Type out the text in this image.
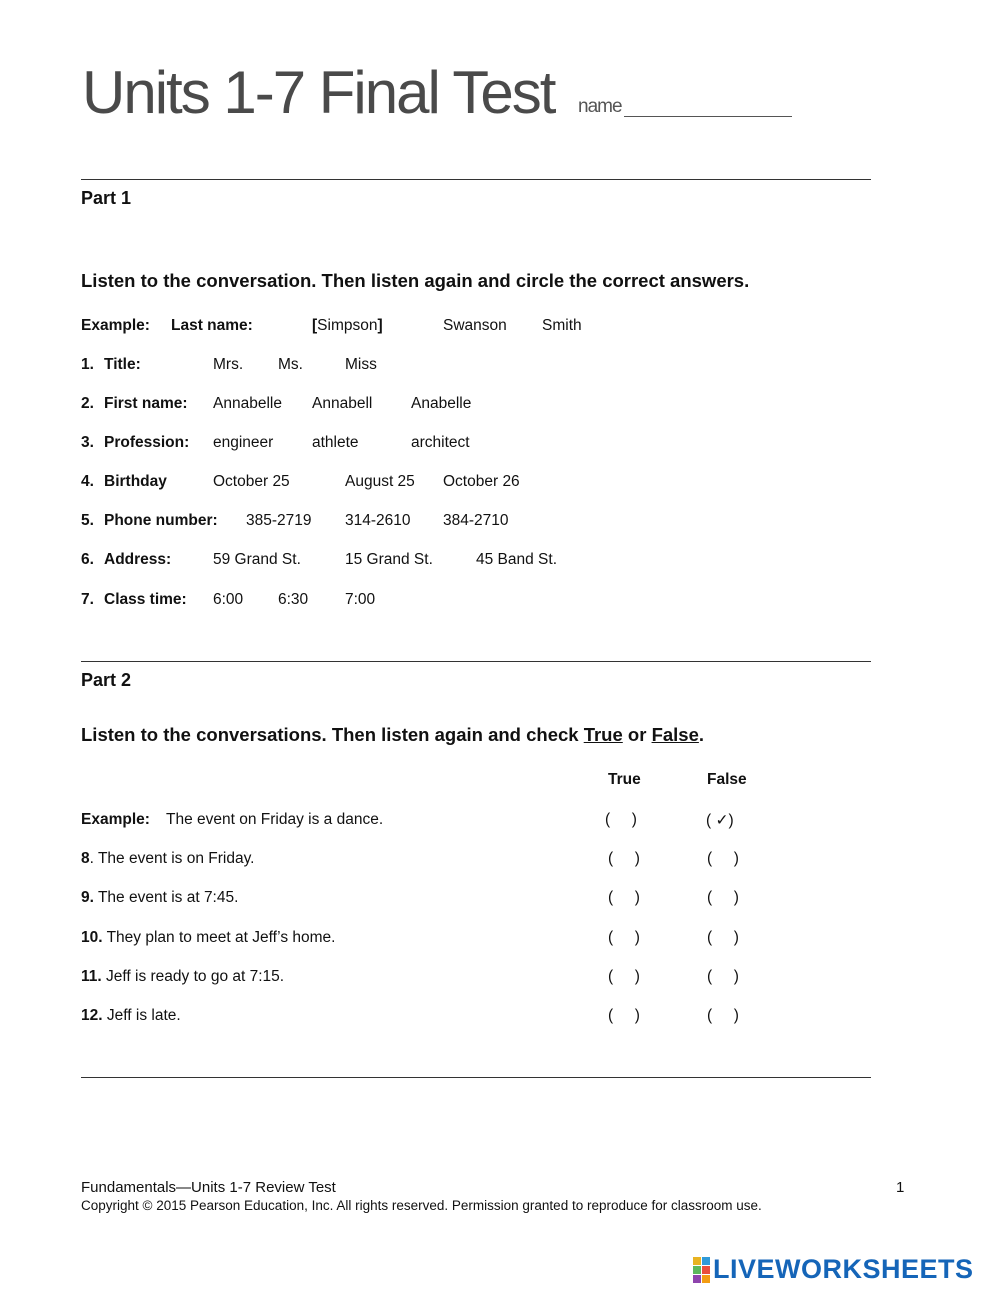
Units 1-7 Final Test name
Part 1
Listen to the conversation. Then listen again and circle the correct answers.
Example: Last name:	[Simpson]	Swanson Smith
1. Title:	Mrs. Ms.	Miss
2. First name: Annabelle Annabell Anabelle
3. Profession: engineer athlete	architect
4. Birthday	October 25	August 25 October 26
5. Phone number: 385-2719 314-2610 384-2710
6. Address:	59 Grand St.	15 Grand St.	45 Band St.
7. Class time: 6:00 6:30 7:00
Part 2
Listen to the conversations. Then listen again and check True or False.
True	False
Example: The event on Friday is a dance.	(     )	( ✓)
8. The event is on Friday.	(     )	(     )
9. The event is at 7:45.	(     )	(     )
10. They plan to meet at Jeff’s home.	(     )	(     )
11. Jeff is ready to go at 7:15.	(     )	(     )
12. Jeff is late.	(     )	(     )
Fundamentals—Units 1-7 Review Test	1
Copyright © 2015 Pearson Education, Inc. All rights reserved. Permission granted to reproduce for classroom use.
LIVEWORKSHEETS
